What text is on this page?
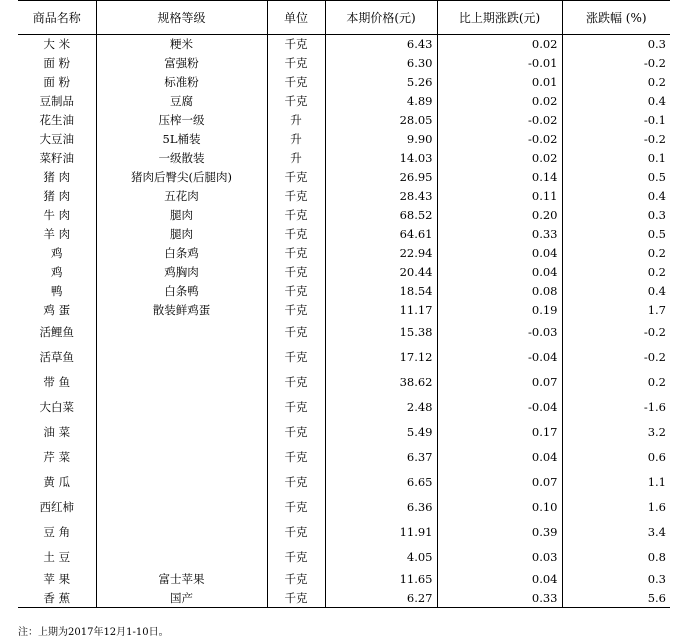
商品名称	规格等级	单位	本期价格(元)	比上期涨跌(元)	涨跌幅 (%)
大 米	粳米	千克	6.43	0.02	0.3
面 粉	富强粉	千克	6.30	-0.01	-0.2
面 粉	标准粉	千克	5.26	0.01	0.2
豆制品	豆腐	千克	4.89	0.02	0.4
花生油	压榨一级	升	28.05	-0.02	-0.1
大豆油	5L桶装	升	9.90	-0.02	-0.2
菜籽油	一级散装	升	14.03	0.02	0.1
猪 肉	猪肉后臀尖(后腿肉)	千克	26.95	0.14	0.5
猪 肉	五花肉	千克	28.43	0.11	0.4
牛 肉	腿肉	千克	68.52	0.20	0.3
羊 肉	腿肉	千克	64.61	0.33	0.5
鸡	白条鸡	千克	22.94	0.04	0.2
鸡	鸡胸肉	千克	20.44	0.04	0.2
鸭	白条鸭	千克	18.54	0.08	0.4
鸡 蛋	散装鲜鸡蛋	千克	11.17	0.19	1.7
活鲤鱼		千克	15.38	-0.03	-0.2
活草鱼		千克	17.12	-0.04	-0.2
带 鱼		千克	38.62	0.07	0.2
大白菜		千克	2.48	-0.04	-1.6
油 菜		千克	5.49	0.17	3.2
芹 菜		千克	6.37	0.04	0.6
黄 瓜		千克	6.65	0.07	1.1
西红柿		千克	6.36	0.10	1.6
豆 角		千克	11.91	0.39	3.4
土 豆		千克	4.05	0.03	0.8
苹 果	富士苹果	千克	11.65	0.04	0.3
香 蕉	国产	千克	6.27	0.33	5.6
注：上期为2017年12月1-10日。
